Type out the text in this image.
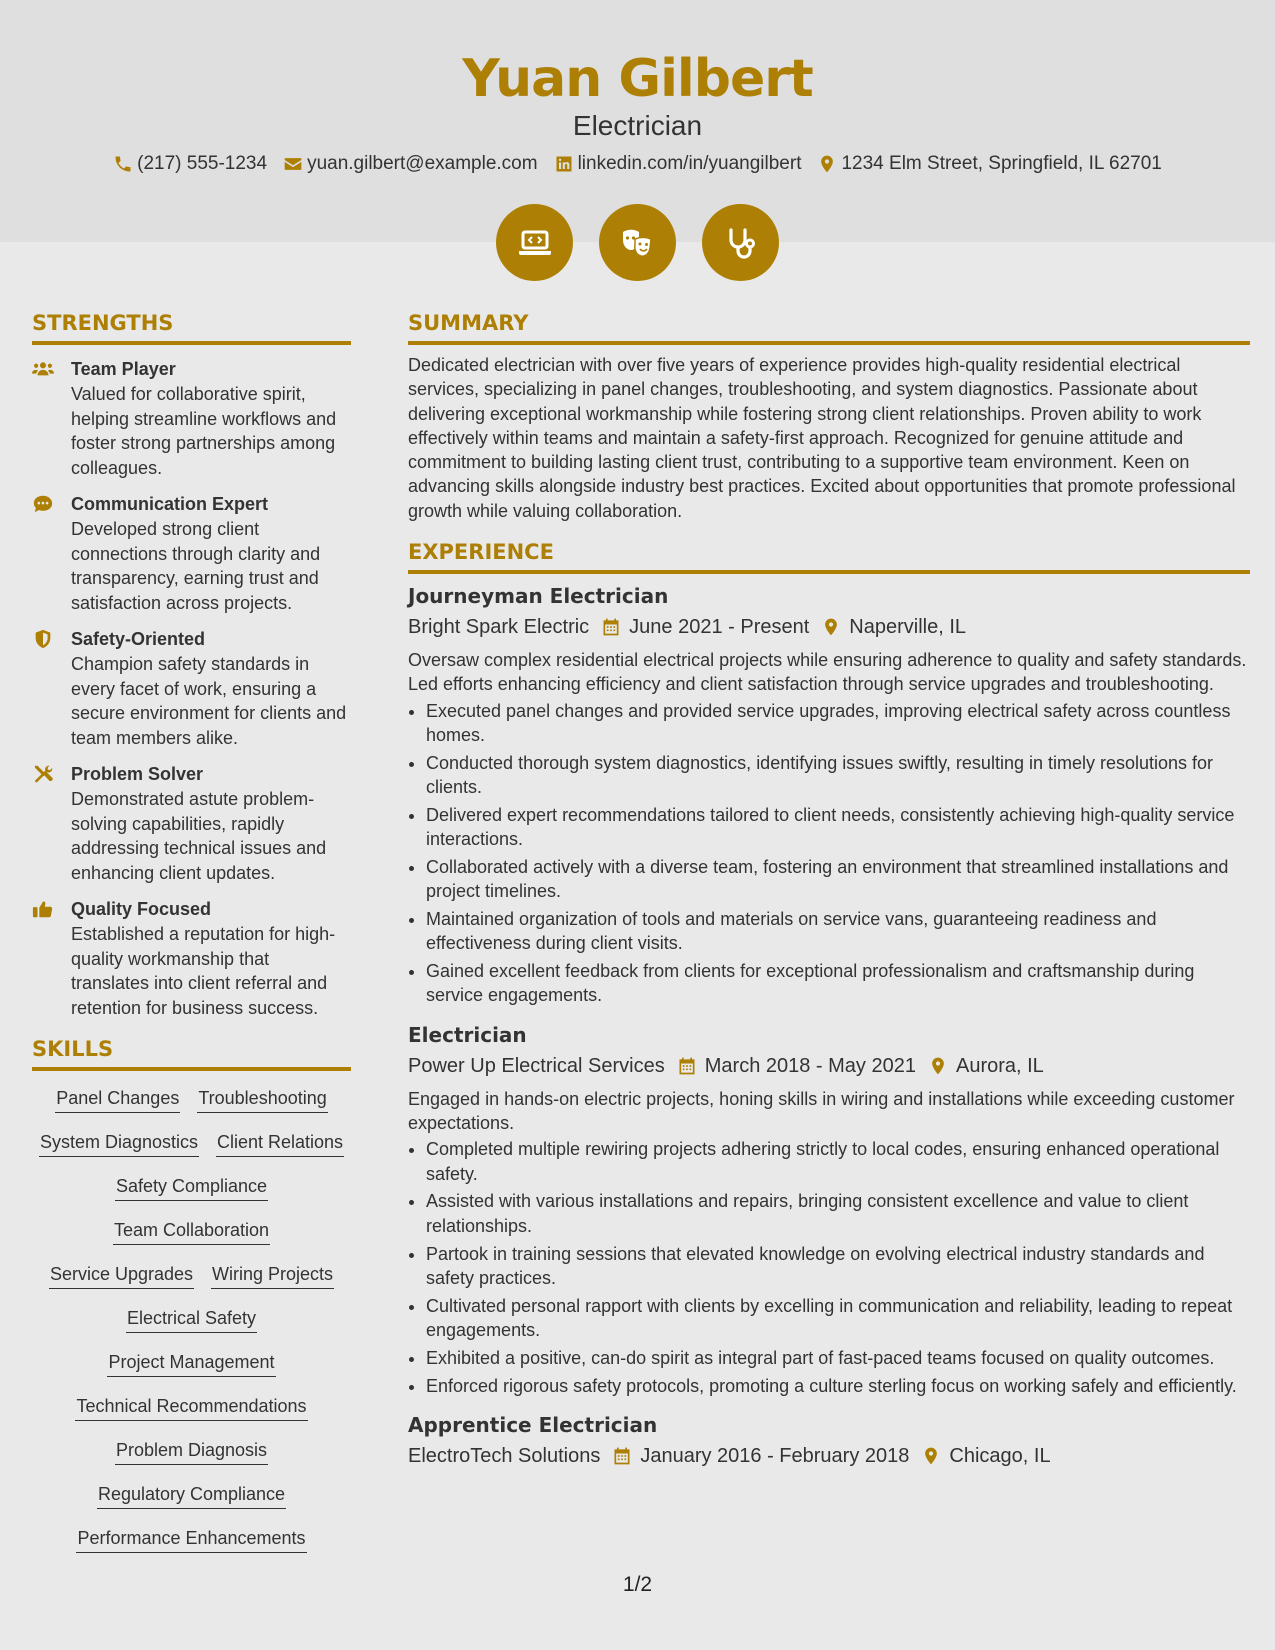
Yuan Gilbert
Electrician
(217) 555-1234 yuan.gilbert@example.com linkedin.com/in/yuangilbert 1234 Elm Street, Springfield, IL 62701
STRENGTHS
Team Player
Valued for collaborative spirit, helping streamline workflows and foster strong partnerships among colleagues.
Communication Expert
Developed strong client connections through clarity and transparency, earning trust and satisfaction across projects.
Safety-Oriented
Champion safety standards in every facet of work, ensuring a secure environment for clients and team members alike.
Problem Solver
Demonstrated astute problem-solving capabilities, rapidly addressing technical issues and enhancing client updates.
Quality Focused
Established a reputation for high-quality workmanship that translates into client referral and retention for business success.
SKILLS
Panel Changes Troubleshooting
System Diagnostics Client Relations
Safety Compliance
Team Collaboration
Service Upgrades Wiring Projects
Electrical Safety
Project Management
Technical Recommendations
Problem Diagnosis
Regulatory Compliance
Performance Enhancements
SUMMARY

Dedicated electrician with over five years of experience provides high-quality residential electrical services, specializing in panel changes, troubleshooting, and system diagnostics. Passionate about delivering exceptional workmanship while fostering strong client relationships. Proven ability to work effectively within teams and maintain a safety-first approach. Recognized for genuine attitude and commitment to building lasting client trust, contributing to a supportive team environment. Keen on advancing skills alongside industry best practices. Excited about opportunities that promote professional growth while valuing collaboration.

EXPERIENCE
Journeyman Electrician
Bright Spark Electric June 2021 - Present Naperville, IL
Oversaw complex residential electrical projects while ensuring adherence to quality and safety standards. Led efforts enhancing efficiency and client satisfaction through service upgrades and troubleshooting.
• Executed panel changes and provided service upgrades, improving electrical safety across countless homes.
• Conducted thorough system diagnostics, identifying issues swiftly, resulting in timely resolutions for clients.
• Delivered expert recommendations tailored to client needs, consistently achieving high-quality service interactions.
• Collaborated actively with a diverse team, fostering an environment that streamlined installations and project timelines.
• Maintained organization of tools and materials on service vans, guaranteeing readiness and effectiveness during client visits.
• Gained excellent feedback from clients for exceptional professionalism and craftsmanship during service engagements.
Electrician
Power Up Electrical Services March 2018 - May 2021 Aurora, IL
Engaged in hands-on electric projects, honing skills in wiring and installations while exceeding customer expectations.
• Completed multiple rewiring projects adhering strictly to local codes, ensuring enhanced operational safety.
• Assisted with various installations and repairs, bringing consistent excellence and value to client relationships.
• Partook in training sessions that elevated knowledge on evolving electrical industry standards and safety practices.
• Cultivated personal rapport with clients by excelling in communication and reliability, leading to repeat engagements.
• Exhibited a positive, can-do spirit as integral part of fast-paced teams focused on quality outcomes.
• Enforced rigorous safety protocols, promoting a culture sterling focus on working safely and efficiently.
Apprentice Electrician
ElectroTech Solutions January 2016 - February 2018 Chicago, IL
1/2
